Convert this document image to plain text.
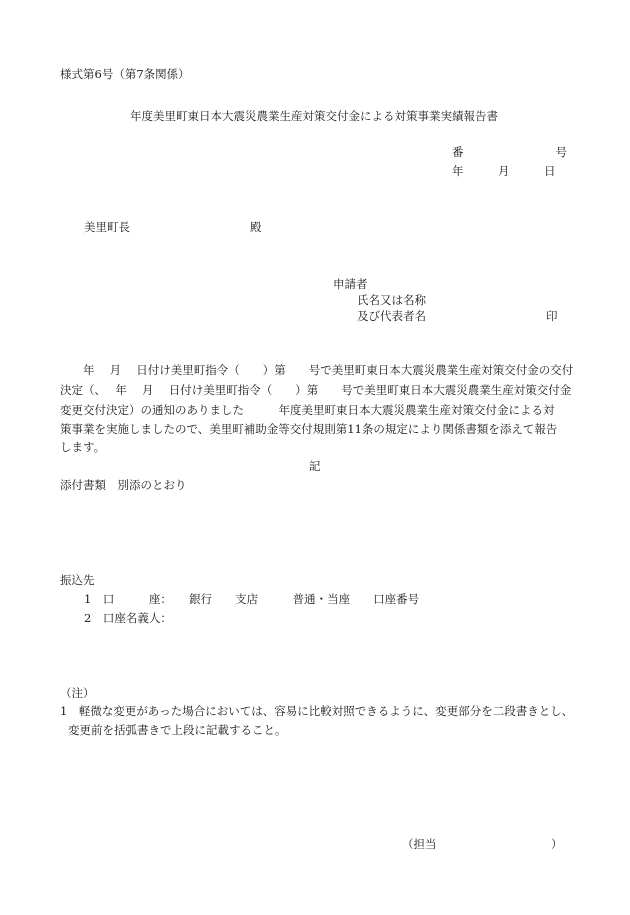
様式第6号（第7条関係）
年度美里町東日本大震災農業生産対策交付金による対策事業実績報告書
番　　　　　　　　号
年　　　月　　　日
美里町長	殿
申請者
氏名又は名称
及び代表者名	印
　　年　 月　 日付け美里町指令（　　）第　　号で美里町東日本大震災農業生産対策交付金の交付
決定（、　 年　 月　 日付け美里町指令（　　）第　　号で美里町東日本大震災農業生産対策交付金
変更交付決定）の通知のありました　　　年度美里町東日本大震災農業生産対策交付金による対
策事業を実施しましたので、美里町補助金等交付規則第11条の規定により関係書類を添えて報告
します。
記
添付書類　別添のとおり
振込先
1　口　　　座：　　銀行　　支店　　　普通・当座　　口座番号
2　口座名義人：
（注）
1　軽微な変更があった場合においては、容易に比較対照できるように、変更部分を二段書きとし、
変更前を括弧書きで上段に記載すること。
（担当	）
